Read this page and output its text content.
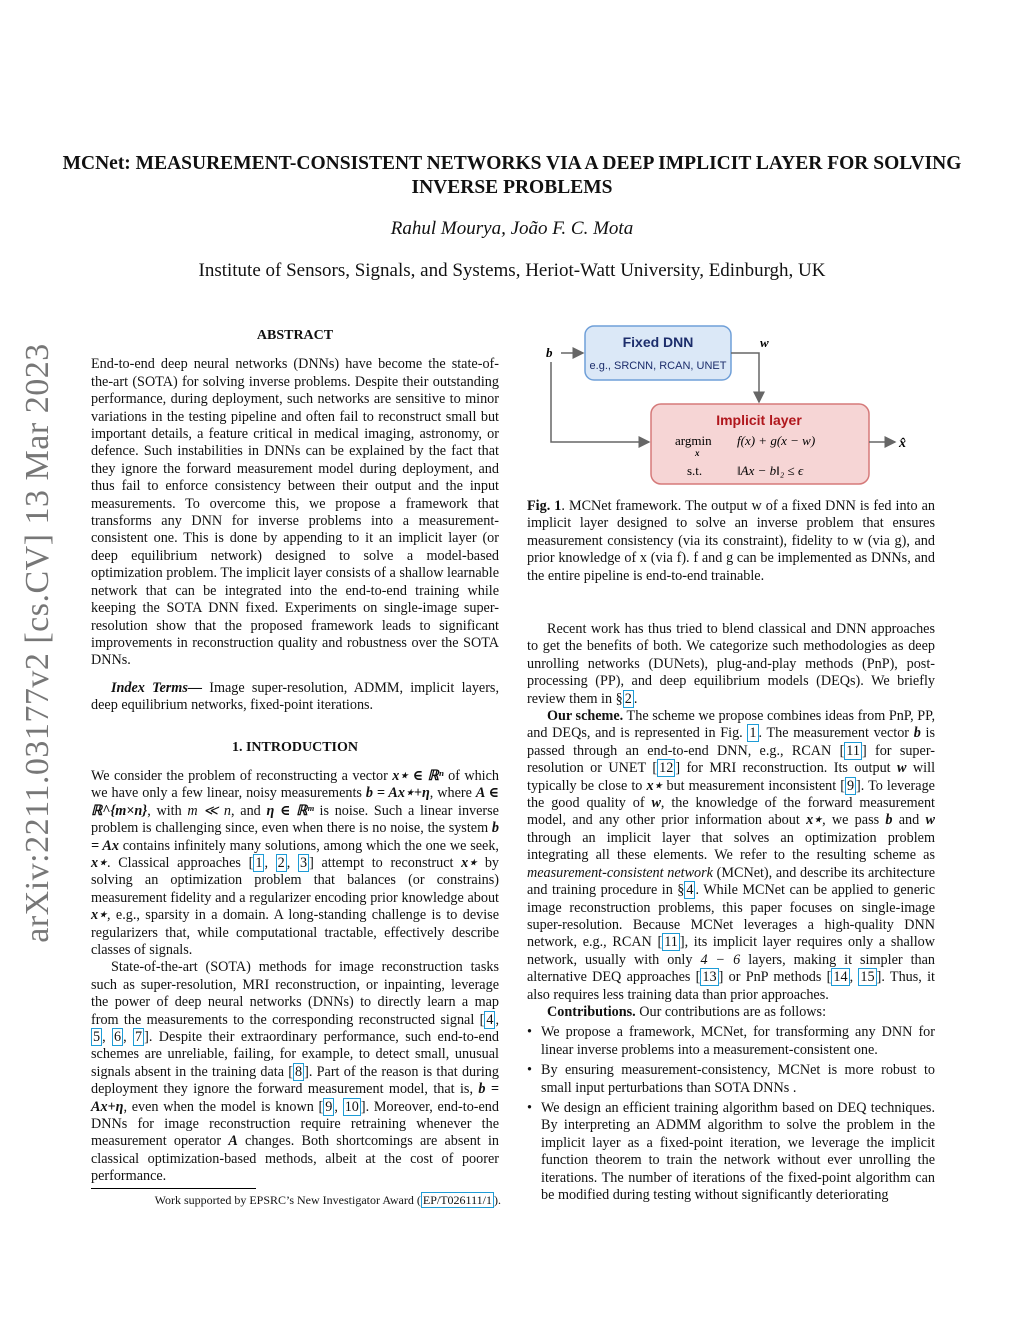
arXiv:2211.03177v2 [cs.CV] 13 Mar 2023
MCNet: MEASUREMENT-CONSISTENT NETWORKS VIA A DEEP IMPLICIT LAYER FOR SOLVING INVERSE PROBLEMS
Rahul Mourya, João F. C. Mota
Institute of Sensors, Signals, and Systems, Heriot-Watt University, Edinburgh, UK

ABSTRACT

End-to-end deep neural networks (DNNs) have become the state-of-the-art (SOTA) for solving inverse problems. Despite their outstanding performance, during deployment, such networks are sensitive to minor variations in the testing pipeline and often fail to reconstruct small but important details, a feature critical in medical imaging, astronomy, or defence. Such instabilities in DNNs can be explained by the fact that they ignore the forward measurement model during deployment, and thus fail to enforce consistency between their output and the input measurements. To overcome this, we propose a framework that transforms any DNN for inverse problems into a measurement-consistent one. This is done by appending to it an implicit layer (or deep equilibrium network) designed to solve a model-based optimization problem. The implicit layer consists of a shallow learnable network that can be integrated into the end-to-end training while keeping the SOTA DNN fixed. Experiments on single-image super-resolution show that the proposed framework leads to significant improvements in reconstruction quality and robustness over the SOTA DNNs.

Index Terms— Image super-resolution, ADMM, implicit layers, deep equilibrium networks, fixed-point iterations.

1. INTRODUCTION

We consider the problem of reconstructing a vector x⋆ ∈ ℝⁿ of which we have only a few linear, noisy measurements b = Ax⋆+η, where A ∈ ℝ^{m×n}, with m ≪ n, and η ∈ ℝᵐ is noise. Such a linear inverse problem is challenging since, even when there is no noise, the system b = Ax contains infinitely many solutions, among which the one we seek, x⋆. Classical approaches [ 1 , 2 , 3 ] attempt to reconstruct x⋆ by solving an optimization problem that balances (or constrains) measurement fidelity and a regularizer encoding prior knowledge about x⋆, e.g., sparsity in a domain. A long-standing challenge is to devise regularizers that, while computational tractable, effectively describe classes of signals.

State-of-the-art (SOTA) methods for image reconstruction tasks such as super-resolution, MRI reconstruction, or inpainting, leverage the power of deep neural networks (DNNs) to directly learn a map from the measurements to the corresponding reconstructed signal [ 4 , 5 , 6 , 7 ]. Despite their extraordinary performance, such end-to-end schemes are unreliable, failing, for example, to detect small, unusual signals absent in the training data [ 8 ]. Part of the reason is that during deployment they ignore the forward measurement model, that is, b = Ax+η, even when the model is known [ 9 , 10 ]. Moreover, end-to-end DNNs for image reconstruction require retraining whenever the measurement operator A changes. Both shortcomings are absent in classical optimization-based methods, albeit at the cost of poorer performance.

Work supported by EPSRC’s New Investigator Award ( EP/T026111/1 ).
Fixed DNN
e.g., SRCNN, RCAN, UNET
Implicit layer
argmin
x
f(x) + g(x − w)
s.t.	‖Ax − b‖₂ ≤ ϵ
b
w
x̂

Fig. 1. MCNet framework. The output w of a fixed DNN is fed into an implicit layer designed to solve an inverse problem that ensures measurement consistency (via its constraint), fidelity to w (via g), and prior knowledge of x (via f). f and g can be implemented as DNNs, and the entire pipeline is end-to-end trainable.

Recent work has thus tried to blend classical and DNN approaches to get the benefits of both. We categorize such methodologies as deep unrolling networks (DUNets), plug-and-play methods (PnP), post-processing (PP), and deep equilibrium models (DEQs). We briefly review them in § 2 .

Our scheme. The scheme we propose combines ideas from PnP, PP, and DEQs, and is represented in Fig. 1 . The measurement vector b is passed through an end-to-end DNN, e.g., RCAN [ 11 ] for super-resolution or UNET [ 12 ] for MRI reconstruction. Its output w will typically be close to x⋆ but measurement inconsistent [ 9 ]. To leverage the good quality of w, the knowledge of the forward measurement model, and any other prior information about x⋆, we pass b and w through an implicit layer that solves an optimization problem integrating all these elements. We refer to the resulting scheme as measurement-consistent network (MCNet), and describe its architecture and training procedure in § 4 . While MCNet can be applied to generic image reconstruction problems, this paper focuses on single-image super-resolution. Because MCNet leverages a high-quality DNN network, e.g., RCAN [ 11 ], its implicit layer requires only a shallow network, usually with only 4 − 6 layers, making it simpler than alternative DEQ approaches [ 13 ] or PnP methods [ 14 , 15 ]. Thus, it also requires less training data than prior approaches.

Contributions. Our contributions are as follows:

• We propose a framework, MCNet, for transforming any DNN for linear inverse problems into a measurement-consistent one.
• By ensuring measurement-consistency, MCNet is more robust to small input perturbations than SOTA DNNs .
• We design an efficient training algorithm based on DEQ techniques. By interpreting an ADMM algorithm to solve the problem in the implicit layer as a fixed-point iteration, we leverage the implicit function theorem to train the network without ever unrolling the iterations. The number of iterations of the fixed-point algorithm can be modified during testing without significantly deteriorating
